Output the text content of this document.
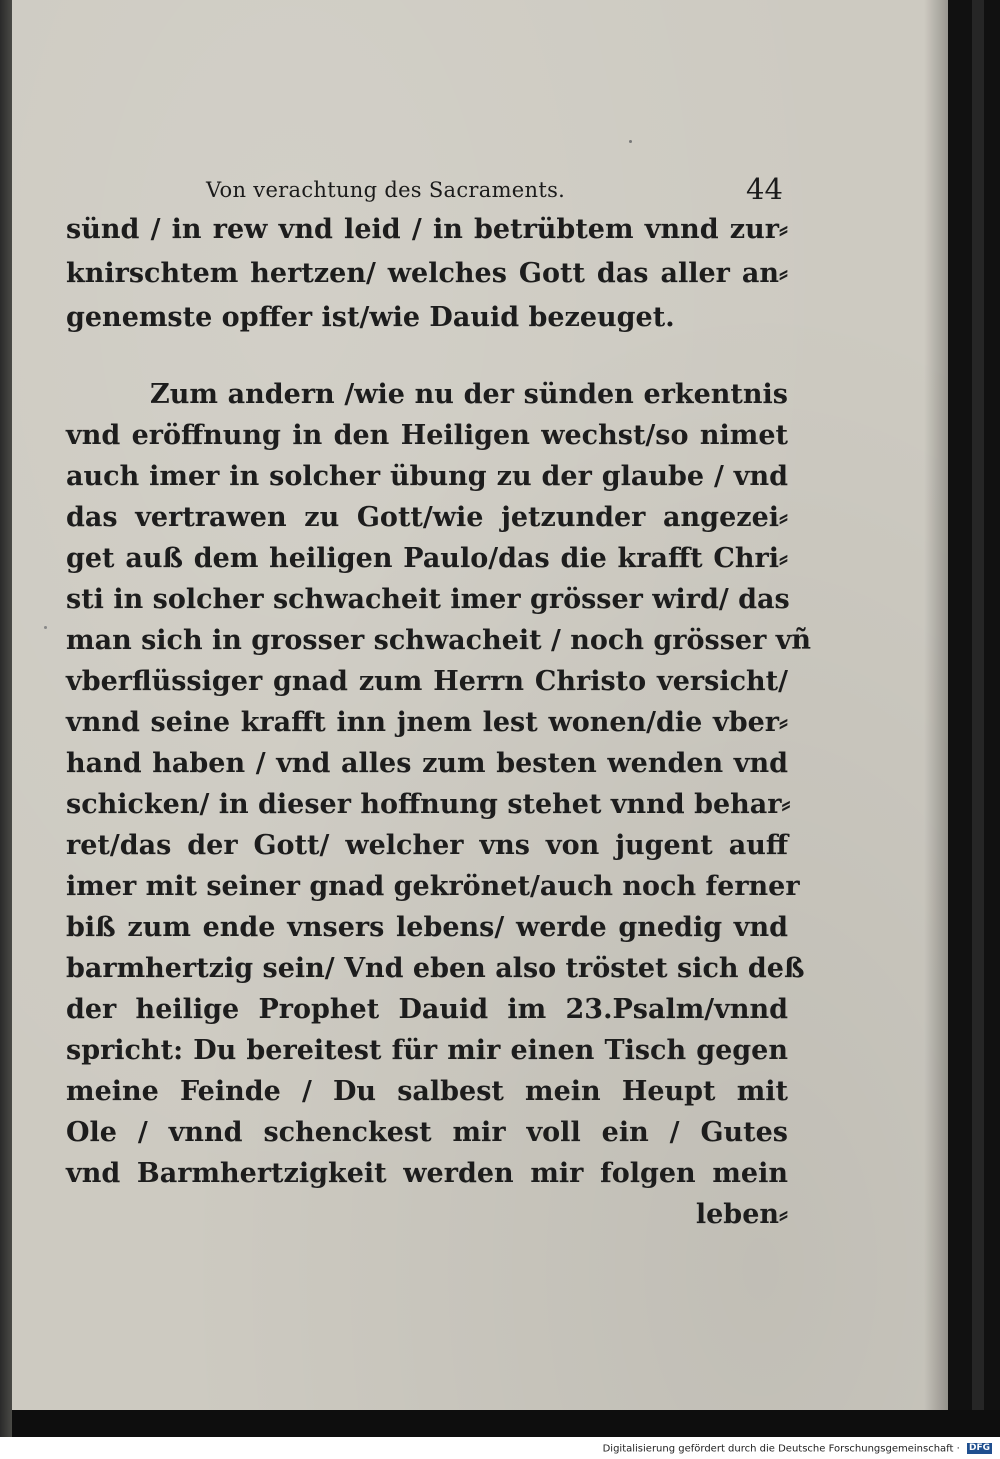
Von verachtung des Sacraments.	44
sünd / in rew vnd leid / in betrübtem vnnd zur⸗
knirschtem hertzen/ welches Gott das aller an⸗
genemste opffer ist/wie Dauid bezeuget.
Zum andern /wie nu der sünden erkentnis
vnd eröffnung in den Heiligen wechst/so nimet
auch imer in solcher übung zu der glaube / vnd
das vertrawen zu Gott/wie jetzunder angezei⸗
get auß dem heiligen Paulo/das die krafft Chri⸗
sti in solcher schwacheit imer grösser wird/ das
man sich in grosser schwacheit / noch grösser vñ
vberflüssiger gnad zum Herrn Christo versicht/
vnnd seine krafft inn jnem lest wonen/die vber⸗
hand haben / vnd alles zum besten wenden vnd
schicken/ in dieser hoffnung stehet vnnd behar⸗
ret/das der Gott/ welcher vns von jugent auff
imer mit seiner gnad gekrönet/auch noch ferner
biß zum ende vnsers lebens/ werde gnedig vnd
barmhertzig sein/ Vnd eben also tröstet sich deß
der heilige Prophet Dauid im 23.Psalm/vnnd
spricht: Du bereitest für mir einen Tisch gegen
meine Feinde / Du salbest mein Heupt mit
Ole / vnnd schenckest mir voll ein / Gutes
vnd Barmhertzigkeit werden mir folgen mein
leben⸗
Digitalisierung gefördert durch die Deutsche Forschungsgemeinschaft · DFG
